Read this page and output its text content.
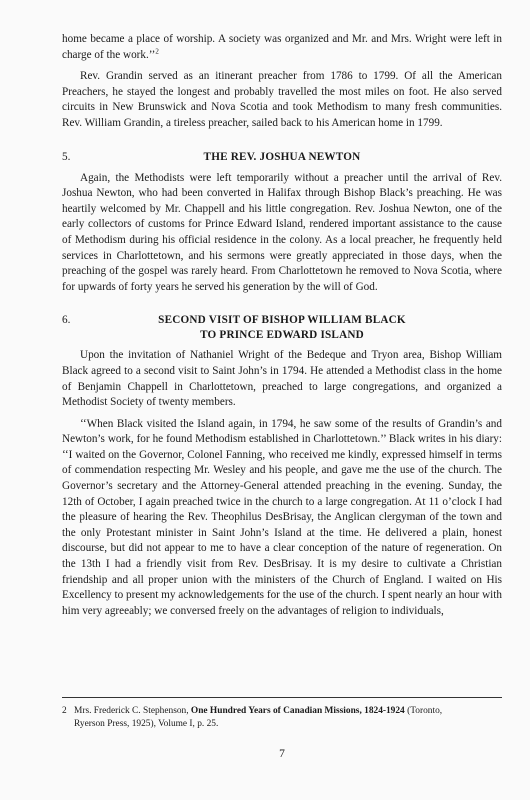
home became a place of worship. A society was organized and Mr. and Mrs. Wright were left in charge of the work.’’$^2$

Rev. Grandin served as an itinerant preacher from 1786 to 1799. Of all the American Preachers, he stayed the longest and probably travelled the most miles on foot. He also served circuits in New Brunswick and Nova Scotia and took Methodism to many fresh communities. Rev. William Grandin, a tireless preacher, sailed back to his American home in 1799.

5.	THE REV. JOSHUA NEWTON

Again, the Methodists were left temporarily without a preacher until the arrival of Rev. Joshua Newton, who had been converted in Halifax through Bishop Black’s preaching. He was heartily welcomed by Mr. Chappell and his little congregation. Rev. Joshua Newton, one of the early collectors of customs for Prince Edward Island, rendered important assistance to the cause of Methodism during his official residence in the colony. As a local preacher, he frequently held services in Charlottetown, and his sermons were greatly appreciated in those days, when the preaching of the gospel was rarely heard. From Charlottetown he removed to Nova Scotia, where for upwards of forty years he served his generation by the will of God.

6.	SECOND VISIT OF BISHOP WILLIAM BLACK
TO PRINCE EDWARD ISLAND

Upon the invitation of Nathaniel Wright of the Bedeque and Tryon area, Bishop William Black agreed to a second visit to Saint John’s in 1794. He attended a Methodist class in the home of Benjamin Chappell in Charlottetown, preached to large congregations, and organized a Methodist Society of twenty members.

‘‘When Black visited the Island again, in 1794, he saw some of the results of Grandin’s and Newton’s work, for he found Methodism established in Charlottetown.’’ Black writes in his diary: ‘‘I waited on the Governor, Colonel Fanning, who received me kindly, expressed himself in terms of commendation respecting Mr. Wesley and his people, and gave me the use of the church. The Governor’s secretary and the Attorney-General attended preaching in the evening. Sunday, the 12th of October, I again preached twice in the church to a large congregation. At 11 o’clock I had the pleasure of hearing the Rev. Theophilus DesBrisay, the Anglican clergyman of the town and the only Protestant minister in Saint John’s Island at the time. He delivered a plain, honest discourse, but did not appear to me to have a clear conception of the nature of regeneration. On the 13th I had a friendly visit from Rev. DesBrisay. It is my desire to cultivate a Christian friendship and all proper union with the ministers of the Church of England. I waited on His Excellency to present my acknowledgements for the use of the church. I spent nearly an hour with him very agreeably; we conversed freely on the advantages of religion to individuals,

2 Mrs. Frederick C. Stephenson, One Hundred Years of Canadian Missions, 1824-1924 (Toronto,
Ryerson Press, 1925), Volume I, p. 25.
7
